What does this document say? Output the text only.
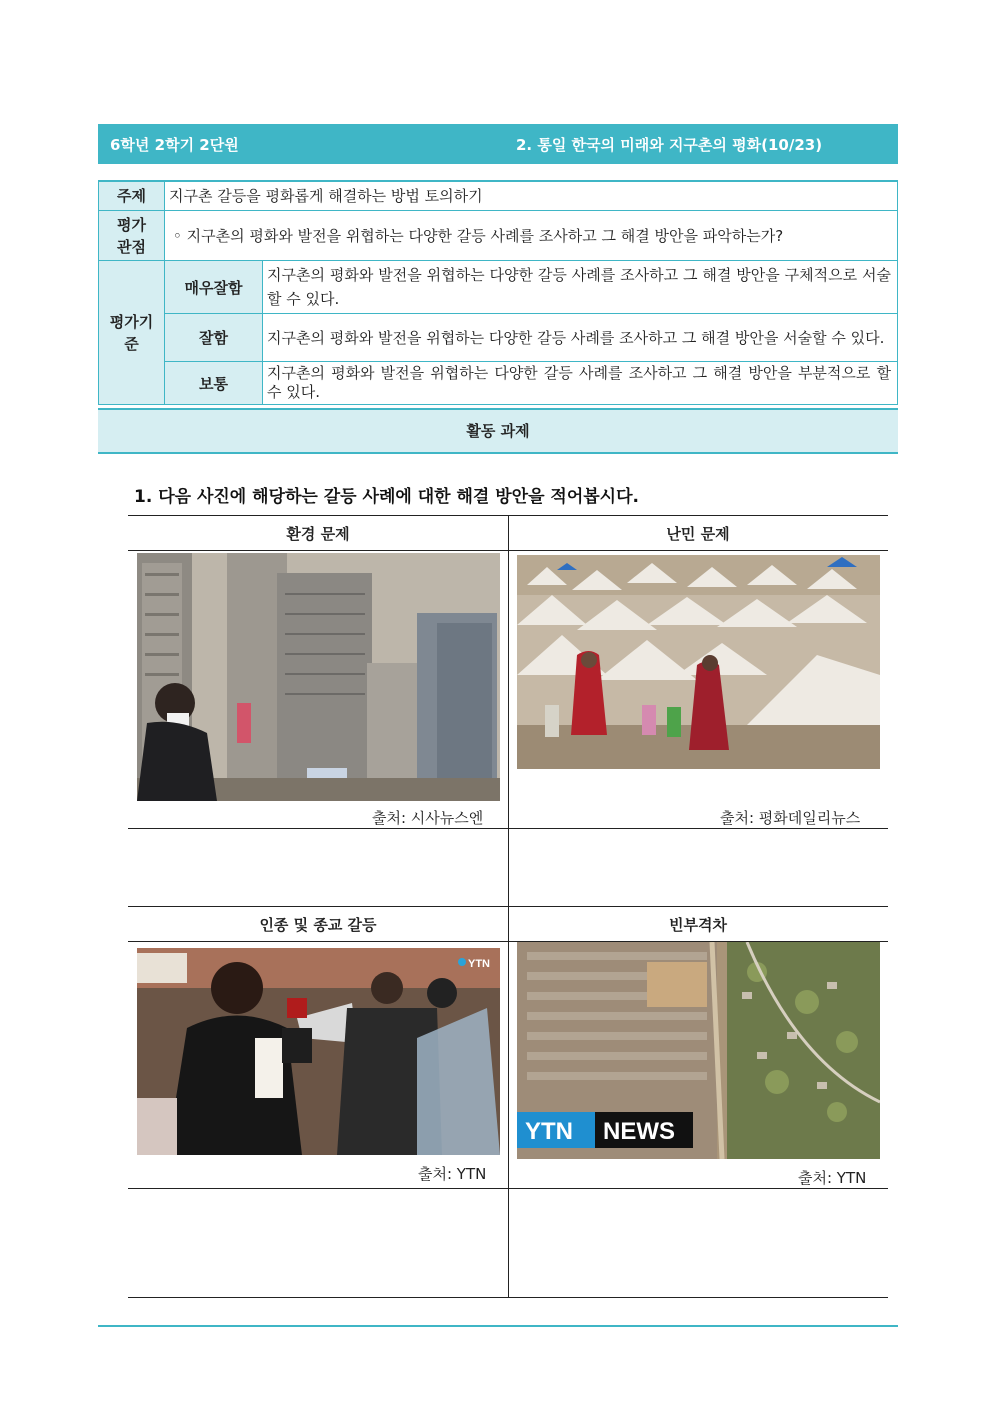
6학년 2학기 2단원	2. 통일 한국의 미래와 지구촌의 평화(10/23)
주제	지구촌 갈등을 평화롭게 해결하는 방법 토의하기	

평가
관점	◦ 지구촌의 평화와 발전을 위협하는 다양한 갈등 사례를 조사하고 그 해결 방안을 파악하는가?	

평가기
준	매우잘함	지구촌의 평화와 발전을 위협하는 다양한 갈등 사례를 조사하고 그 해결 방안을 구체적으로 서술할 수 있다.
	잘함	지구촌의 평화와 발전을 위협하는 다양한 갈등 사례를 조사하고 그 해결 방안을 서술할 수 있다.
	보통	지구촌의 평화와 발전을 위협하는 다양한 갈등 사례를 조사하고 그 해결 방안을 부분적으로 할 수 있다.
활동 과제
1. 다음 사진에 해당하는 갈등 사례에 대한 해결 방안을 적어봅시다.
환경 문제	난민 문제
인종 및 종교 갈등	빈부격차
출처: 시사뉴스엔	출처: 평화데일리뉴스
YTN
출처: YTN
YTN NEWS
출처: YTN
